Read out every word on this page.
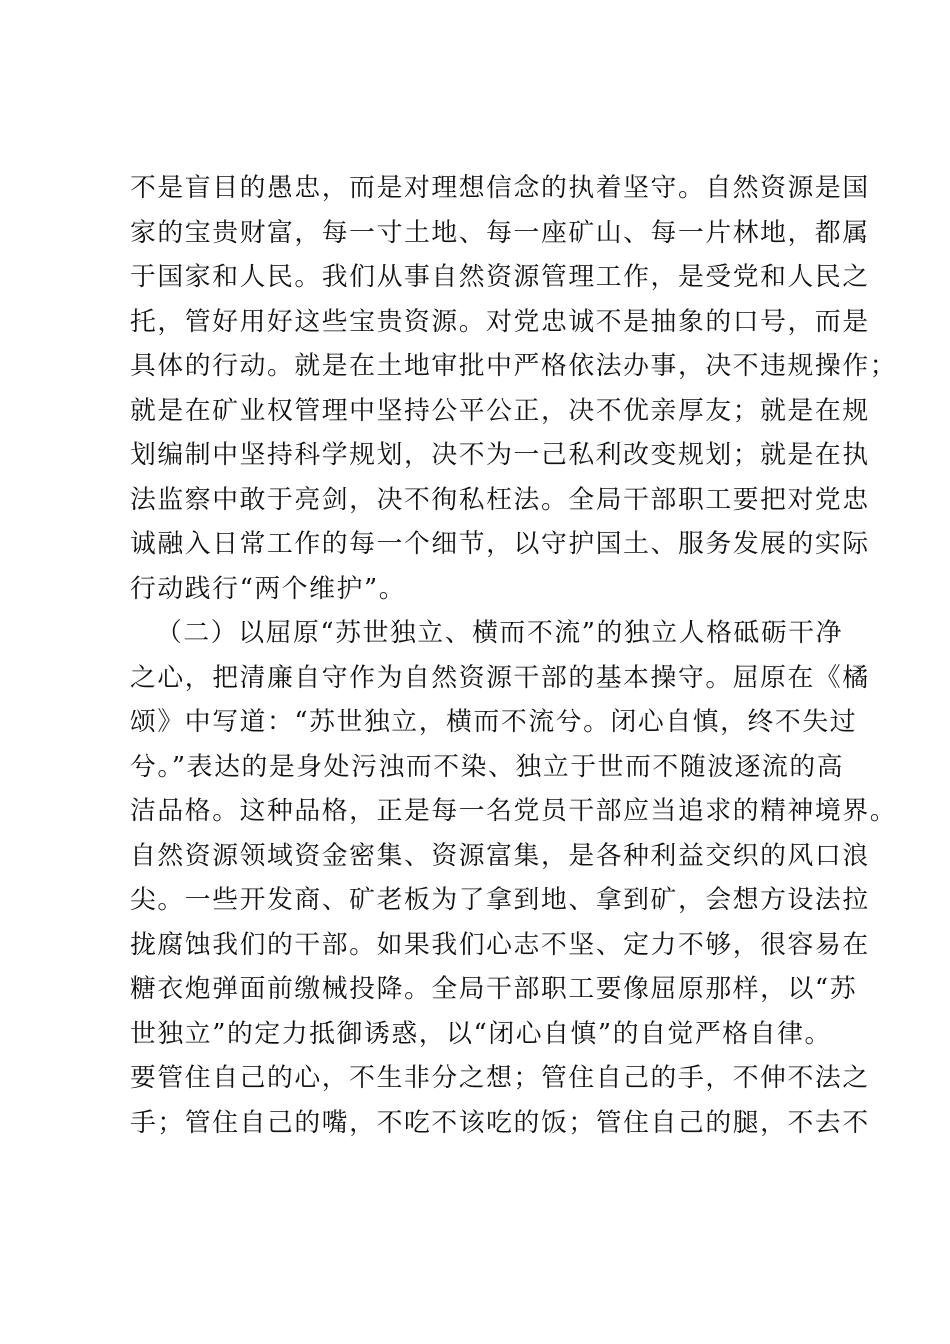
不是盲目的愚忠，而是对理想信念的执着坚守。自然资源是国
家的宝贵财富，每一寸土地、每一座矿山、每一片林地，都属
于国家和人民。我们从事自然资源管理工作，是受党和人民之
托，管好用好这些宝贵资源。对党忠诚不是抽象的口号，而是
具体的行动。就是在土地审批中严格依法办事，决不违规操作；
就是在矿业权管理中坚持公平公正，决不优亲厚友；就是在规
划编制中坚持科学规划，决不为一己私利改变规划；就是在执
法监察中敢于亮剑，决不徇私枉法。全局干部职工要把对党忠
诚融入日常工作的每一个细节，以守护国土、服务发展的实际
行动践行“两个维护”。
（二）以屈原“苏世独立、横而不流”的独立人格砥砺干净
之心，把清廉自守作为自然资源干部的基本操守。屈原在《橘
颂》中写道：“苏世独立，横而不流兮。闭心自慎，终不失过
兮。”表达的是身处污浊而不染、独立于世而不随波逐流的高
洁品格。这种品格，正是每一名党员干部应当追求的精神境界。
自然资源领域资金密集、资源富集，是各种利益交织的风口浪
尖。一些开发商、矿老板为了拿到地、拿到矿，会想方设法拉
拢腐蚀我们的干部。如果我们心志不坚、定力不够，很容易在
糖衣炮弹面前缴械投降。全局干部职工要像屈原那样，以“苏
世独立”的定力抵御诱惑，以“闭心自慎”的自觉严格自律。
要管住自己的心，不生非分之想；管住自己的手，不伸不法之
手；管住自己的嘴，不吃不该吃的饭；管住自己的腿，不去不
